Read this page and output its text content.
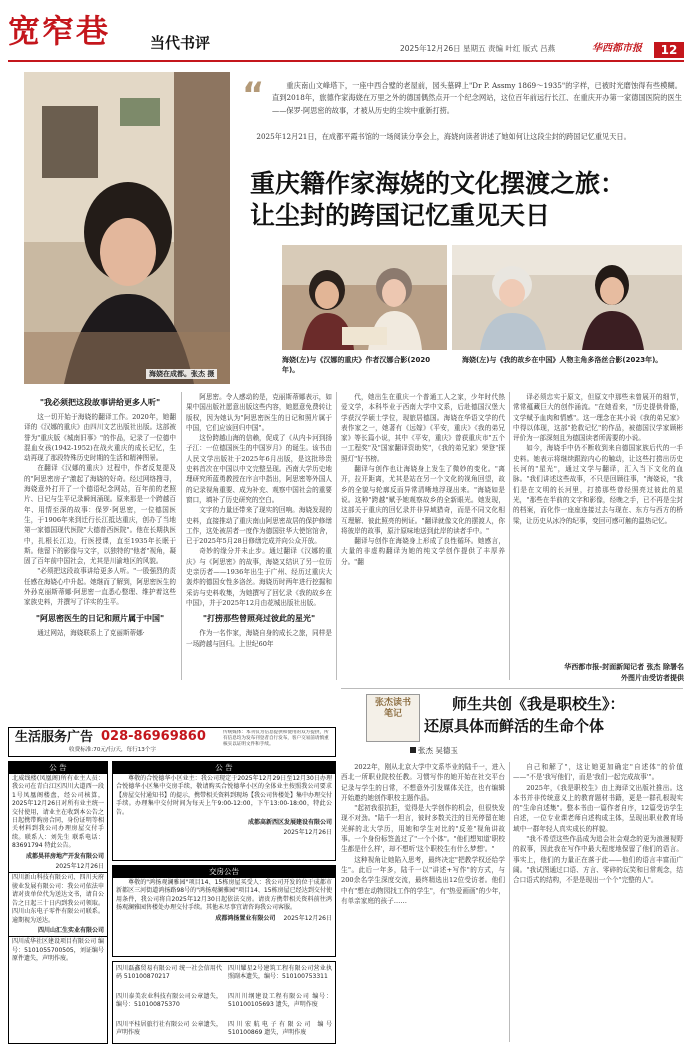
宽窄巷	当代书评	2025年12月26日 星期五 责编 叶红 版式 吕燕	华西都市报	12
海娆在成都。张杰 摄
“	重庆南山文峰塔下，一座中西合璧的老屋前，园头墓碑上"Dr P. Assmy 1869～1935"的字样，已被时光磨蚀得有些模糊。直到2018年，旅德作家海娆在万里之外的德国偶然点开一个纪念网站，这位百年前远行长江、在重庆开办第一家德国医院的医生——保罗·阿思密的故事，才被从历史的尘埃中重新打捞。
2025年12月21日，在成都平霞书馆的一场阅读分享会上，海娆向读者讲述了她如何让这段尘封的跨国记忆重见天日。
重庆籍作家海娆的文化摆渡之旅：
让尘封的跨国记忆重见天日
海娆(左)与《汉娜的重庆》作者汉娜合影(2020年)。
海娆(左)与《我的故乡在中国》人物主角多洛丝合影(2023年)。

"我必须把这段故事讲给更多人听"

这一切开始于海娆的翻译工作。2020年，她翻译的《汉娜的重庆》由四川文艺出版社出版。这部被誉为"重庆版《城南旧事》"的作品，记录了一位德中混血女孩(1942-1952)在战火重庆的成长记忆，生动再现了那段特殊历史时期的生活和精神图景。

在翻译《汉娜的重庆》过程中，作者反复提及的"阿思密房子"激起了海娆的好奇。经过网络搜寻，海娆意外打开了一个德语纪念网站，百年前的老照片、日记与生平记录瞬间涌现。原来那是一个跨越百年、用情至深的故事：保罗·阿思密，一位德国医生，于1906年来到迁行长江抵达重庆，创办了当地第一家德国现代医院"大德普西医院"。他在长期执医中，扎根长江边，行医授课，直至1935年长眠于斯。他留下的影像与文字，以独特的"他者"视角，凝固了百年前中国社会，尤其是川渝地区的风貌。

"必须把这段故事讲给更多人听。"一股强烈的责任感在海娆心中升起。她继而了解到，阿思密医生的外孙克丽斯蒂娜·阿思密一直悉心整理、维护着这些家族史料，并撰写了详实的生平。

"阿思密医生的日记和照片属于中国"

通过网站，海娆联系上了克丽斯蒂娜·

阿思密。令人感动的是，克丽斯蒂娜表示，如果中国出版社愿意出版这些内容，她愿意免费转让版权，因为她认为"阿思密医生的日记和照片属于中国，它们应该回归中国"。

这份跨越山海的信赖，促成了《从内卡河到扬子江：一位德国医生的中国岁月》的诞生。该书由人民文学出版社于2025年6月出版，是这批珍贵史料首次在中国以中文完整呈现。西南大学历史地理研究所蓝勇教授在序言中指出，阿思密等外国人的记录视角重要、成为补充、观察中国社会的重要窗口，填补了历史研究的空白。

文字的力量还带来了现实的回响。海娆发现的史料，直接推动了重庆南山阿思密故居的保护修缮工作，这处被居者一度作为德国驻华大使馆馆舍，已于2025年5月28日修缮完成并向公众开放。

奇妙的缘分并未止步。通过翻译《汉娜的重庆》与《阿思密》的故事，海娆又结识了另一位历史亲历者——1936年出生于广州、经历过重庆大轰炸的德国女性多洛丝。海娆历时两年进行挖掘和采访与史料收集，为她撰写了回忆录《我的故乡在中国》，并于2025年12月由花城出版社出版。

"打捞那些曾照亮过彼此的星光"

作为一名作家，海娆自身的成长之旅，同样是一场跨越与回归。上世纪60年

代，她出生在重庆一个普通工人之家，少年时代热爱文学，本科毕业于西南大学中文系，后赴德国汉堡大学获汉学硕士学位，现旅居德国。海娆在华语文学的代表作家之一，她著有《远嫁》《平安，重庆》《我的弟兄家》等长篇小说，其中《平安，重庆》曾获重庆市"五个一工程奖"及"国家翻译资助奖"，《我的弟兄家》荣登"探照灯"好书榜。

翻译与创作也让海娆身上发生了微妙的变化。"离开，拉开距离，尤其是站在另一个文化的视角回望，故乡的全貌与轮廓反而异常清晰地浮现出来。"海娆如是说。这种"跨越"赋予她观察故乡的全新眼光。她发现，这部关于重庆的回忆录并非异域猎奇，而是不同文化相互理解、彼此照亮的例证。"翻译就像文化的摆渡人，你将彼岸的故事，原汁原味地送到此岸的读者手中。"

翻译与创作在海娆身上形成了良性循环。她感言，大量的非虚构翻译为她的纯文学创作提供了丰厚养分。"翻

译必须忠实于原文，但原文中那些未曾展开的细节，常常蕴藏巨大的创作涌流。"在她看来，"历史提供骨骼，文学赋予血肉和情感"。这一理念在其小说《我的弟兄家》中得以体现，这部"抢救记忆"的作品，被德国汉学家顾彬评价为一部深刻且为德国读者所需要的小说。

如今，海娆手中仍不断收到来自德国家族后代的一手史料。她表示将继续跟踪内心的触动，让这些打捞出历史长河的"星光"，通过文学与翻译，汇入当下文化的血脉。"我们讲述这些故事，不只是回顾往事，"海娆说，"我们是在文明的长河里，打捞那些曾经照亮过彼此的星光，"那些在半前的文字和影像，经晚之手，已不再是尘封的档案，而化作一座座连接过去与现在、东方与西方的桥梁，让历史从冰冷的纪事，变回可感可触的温热记忆。

华西都市报-封面新闻记者 张杰 除署名外图片由受访者提供
张杰读书笔记
师生共创《我是职校生》：
还原具体而鲜活的生命个体
张杰 吴德玉

2022年，刚从北京大学中文系毕业的陆千一，进入西北一所职业院校任教。习惯写作的她开始在社交平台记录与学生的日常，不想意外引发媒体关注，也有编辑开始邀约她创作职校主题作品。

"起初我很抗拒，觉得是大学创作的机会，但很快发现不对劲。"陆千一坦言，彼时多数关注的目光停留在她光鲜的北大学历，用她和学生对比的"反差"视角讲故事。一个身份标签盖过了"一个个体"。"他们想知道'职校生都是什么样'，却不想听'这个职校生有什么梦想'。"

这种视角让她陷入思考，最终决定"把教学权还给学生"。此后一年多，陆千一以"讲述+写作"的方式，与200余名学生深度交流，最终精选出12位受访者。他们中有"想在动物园找工作的学生"，有"热爱画画"的少年，有单亲家庭的孩子……

自己和解了"，这让她更加确定"自述体"的价值——"不是'我写他们'，而是'我们一起完成故事'"。

2025年，《我是职校生》由上海译文出版社推出。这本书并非传统意义上的教育题材书籍，更是一群孔根现实的"生命自述集"。整本书由一篇作者自序，12篇受访学生自述，一位专业课老师自述构成主体，呈现出职业教育场域中一群年轻人真实成长的样貌。

"我不希望这些作品成为追会社会观念的更为浪漫视野的叙事，因此我在写作中最大程度地保留了他们的语言。事实上，他们的力量正在落于此——他们的语言丰富而广阔。"我试图通过口语、方言、零碎的玩笑和日常观念，结合口语式的结构，不是是现出一个个"完整的人"。

生活服务广告 028-86969860
收费标准:70元/行/天，每行13个字
传统媒体：本刊仅为信息提供和使用的双方提供，所有信息均为发布刊登者自行发布，客户交易前请慎重核实以证明文件和手续。
公 告
北威线楼(凤凰阁)所有业主人员：我公司在青白江区四川大道西一段1号凤凰阁楼盘，经公司核算，2025年12月26日对所有业主统一交付使用，请业主在收到本公告之日起携带购房合同，身份证明等相关材料到我公司办理房屋交付手续。联系人：刘先生 联系电话：83691794 特此公告。
成都昊祥房地产开发有限公司
2025年12月26日
四川新山科技有限公司、四川天府骏业发展有限公司：我公司依法申请对贵单位代为送达文书，请自公告之日起三十日内到我公司领取。四川山东电子零件有限公司联系。逾期视为送达。
四川山汇生实业有限公司
四川成华社区建设项目有限公司 编号：5101055700505，刘证编号原件遗失，声明作废。
公 告
尊敬的合悦德华小区业主：我公司现定于2025年12月29日至12月30日办理合悦德华小区集中交房手续，敬请购买合悦德华小区的全体业主按照我公司要求【房屋交付通知书】的提示，携带相关资料到现场【我公司售楼处】集中办理交付手续。办理集中交付时间为每天上午9:00-12:00，下午13:00-18:00，特此公告。
成都高新西区发展建设有限公司
2025年12月26日
交房公告
尊敬的"鸿扬观澜雅园"项目14、15栋房屋买受人：我公司开发的位于成都市新都区三河街道鸿扬路98号的"鸿扬观澜雅园"项目14、15栋房屋已经达到交付使用条件，我公司将自2025年12月30日起依法交房。请贵方携带相关资料前往鸿扬观澜雅园售楼处办理交付手续。其他未尽事宜请咨询我公司客服。
成都鸿扬置业有限公司 2025年12月26日
四川磊鑫贸易有限公司 统一社会信用代码 510100870217
四川耀星2号建筑工程有限公司营业执照副本遗失，编号：510100753311
四川泰美农业科技有限公司公章遗失，编号：510100875370
四川川纲建设工程有限公司 编号：510100105693 遗失，声明作废
四川平桂居旅行社有限公司 公章遗失，声明作废
四川宏航电子有限公司 编号 510100869 遗失，声明作废
